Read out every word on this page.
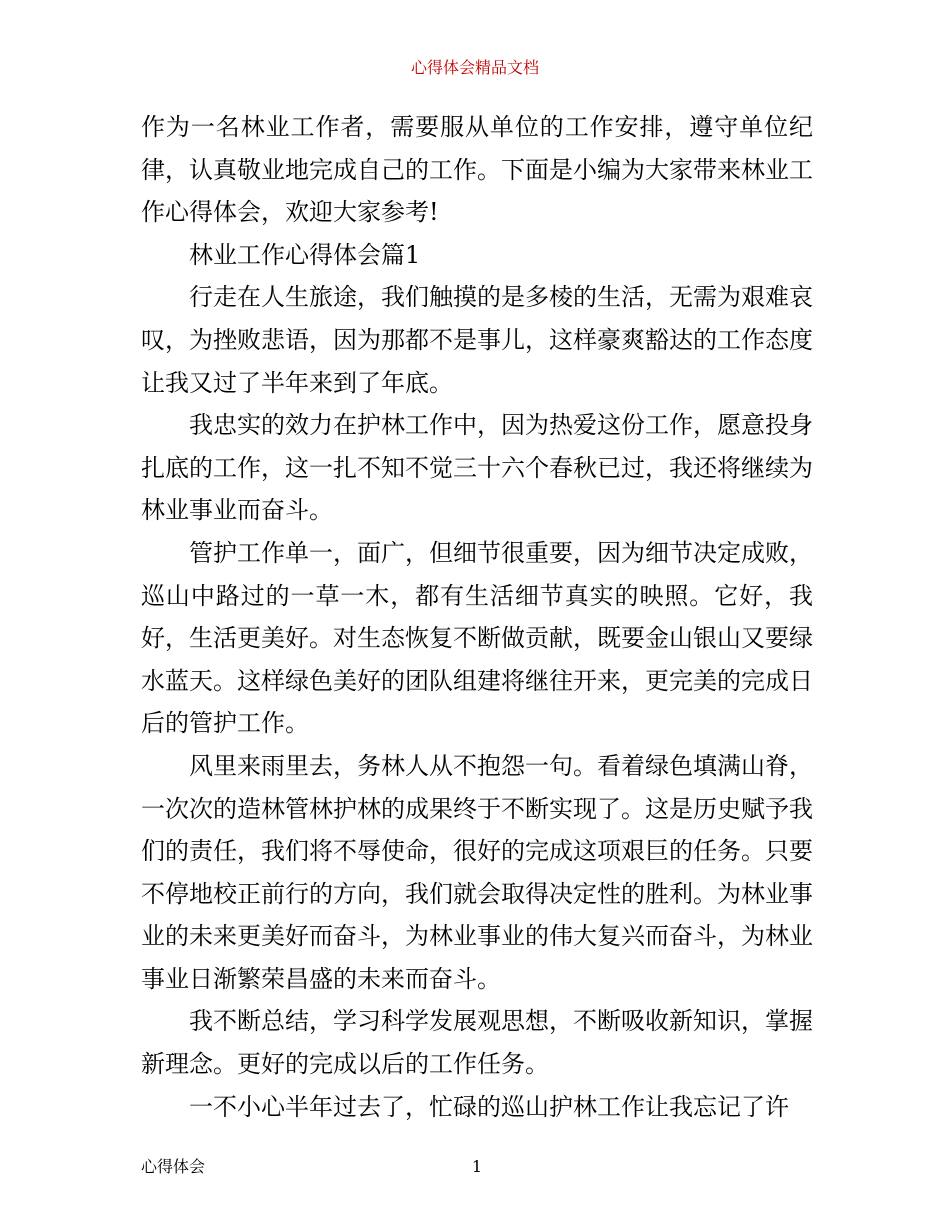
心得体会精品文档

作为一名林业工作者，需要服从单位的工作安排，遵守单位纪律，认真敬业地完成自己的工作。下面是小编为大家带来林业工作心得体会，欢迎大家参考!

林业工作心得体会篇1

行走在人生旅途，我们触摸的是多棱的生活，无需为艰难哀叹，为挫败悲语，因为那都不是事儿，这样豪爽豁达的工作态度让我又过了半年来到了年底。

我忠实的效力在护林工作中，因为热爱这份工作，愿意投身扎底的工作，这一扎不知不觉三十六个春秋已过，我还将继续为林业事业而奋斗。

管护工作单一，面广，但细节很重要，因为细节决定成败，巡山中路过的一草一木，都有生活细节真实的映照。它好，我好，生活更美好。对生态恢复不断做贡献，既要金山银山又要绿水蓝天。这样绿色美好的团队组建将继往开来，更完美的完成日后的管护工作。

风里来雨里去，务林人从不抱怨一句。看着绿色填满山脊，一次次的造林管林护林的成果终于不断实现了。这是历史赋予我们的责任，我们将不辱使命，很好的完成这项艰巨的任务。只要不停地校正前行的方向，我们就会取得决定性的胜利。为林业事业的未来更美好而奋斗，为林业事业的伟大复兴而奋斗，为林业事业日渐繁荣昌盛的未来而奋斗。

我不断总结，学习科学发展观思想，不断吸收新知识，掌握新理念。更好的完成以后的工作任务。

一不小心半年过去了，忙碌的巡山护林工作让我忘记了许

心得体会	1
